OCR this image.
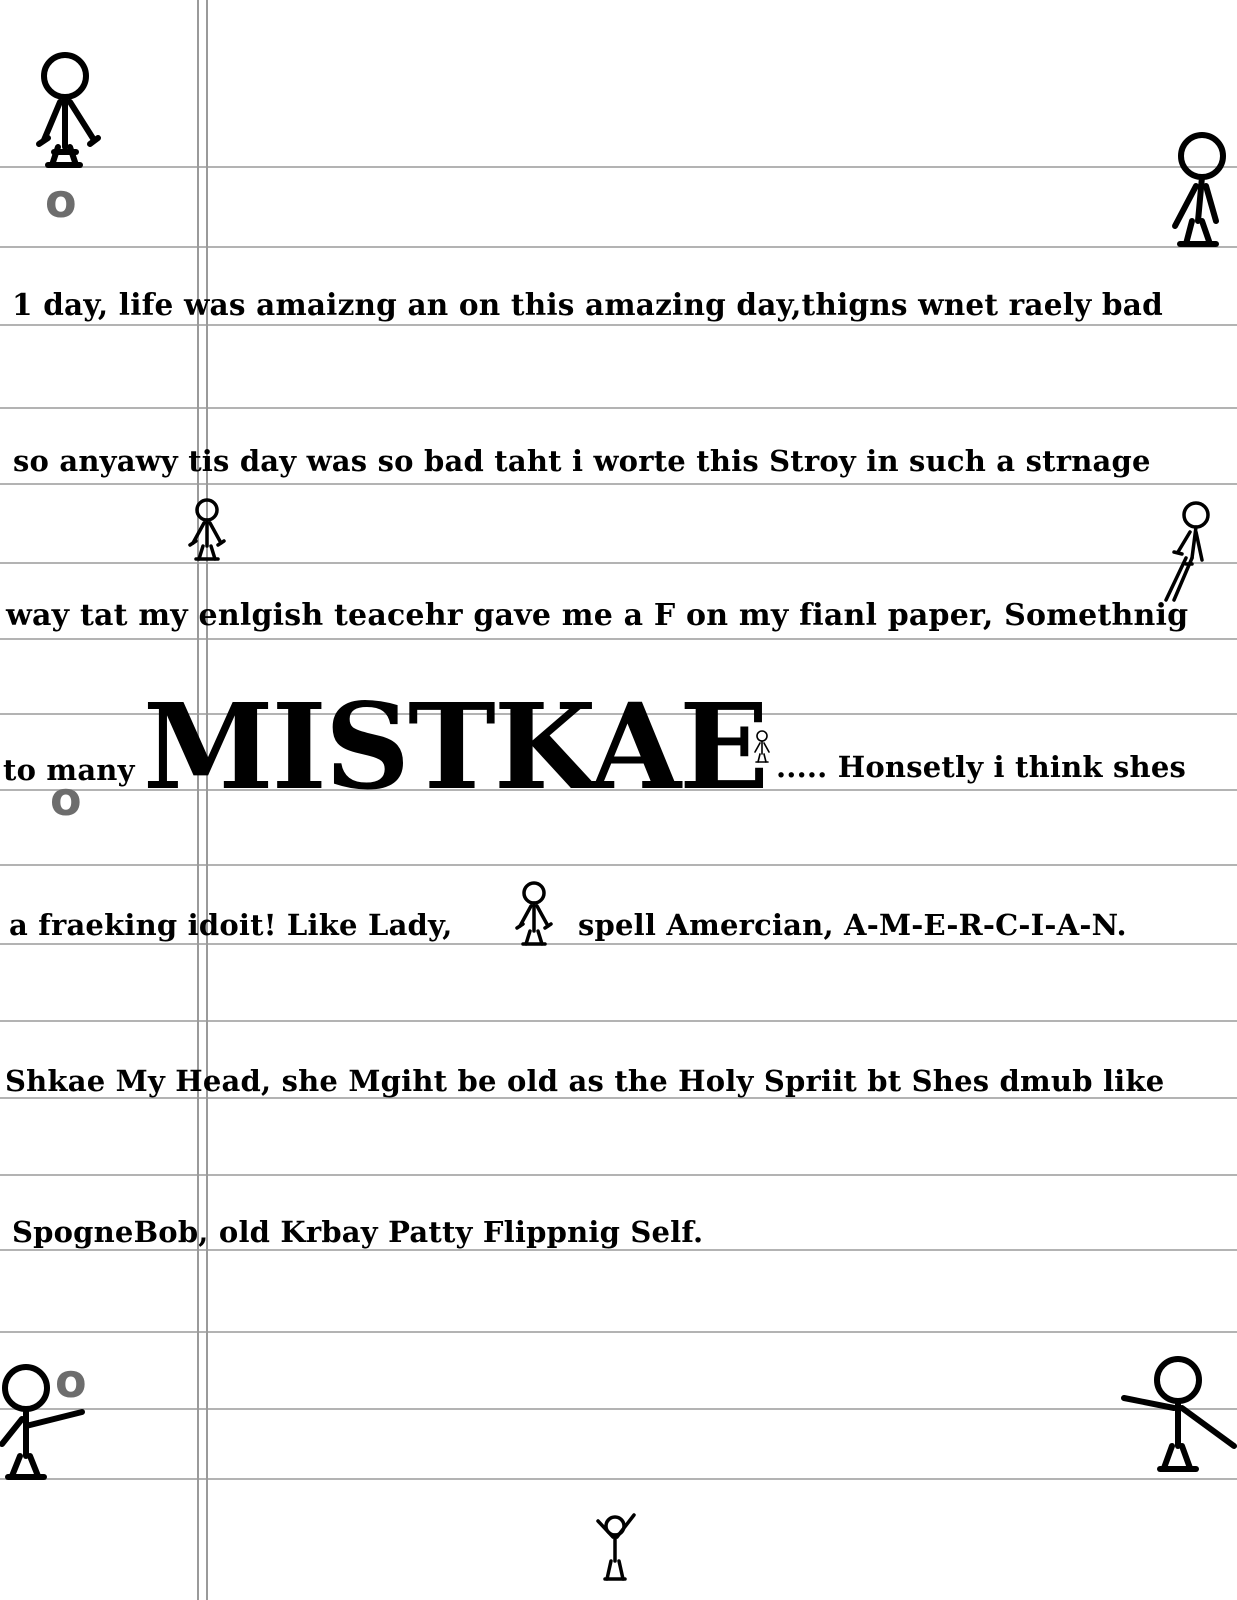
1 day, life was amaizng an on this amazing day,thigns wnet raely bad
so anyawy tis day was so bad taht i worte this Stroy in such a strnage
way tat my enlgish teacehr gave me a F on my fianl paper, Somethnig
to many MISTKAE ..... Honsetly i think shes
a fraeking idoit! Like Lady,	spell Amercian, A-M-E-R-C-I-A-N.
Shkae My Head, she Mgiht be old as the Holy Spriit bt Shes dmub like
SpogneBob, old Krbay Patty Flippnig Self.
o
o
o
